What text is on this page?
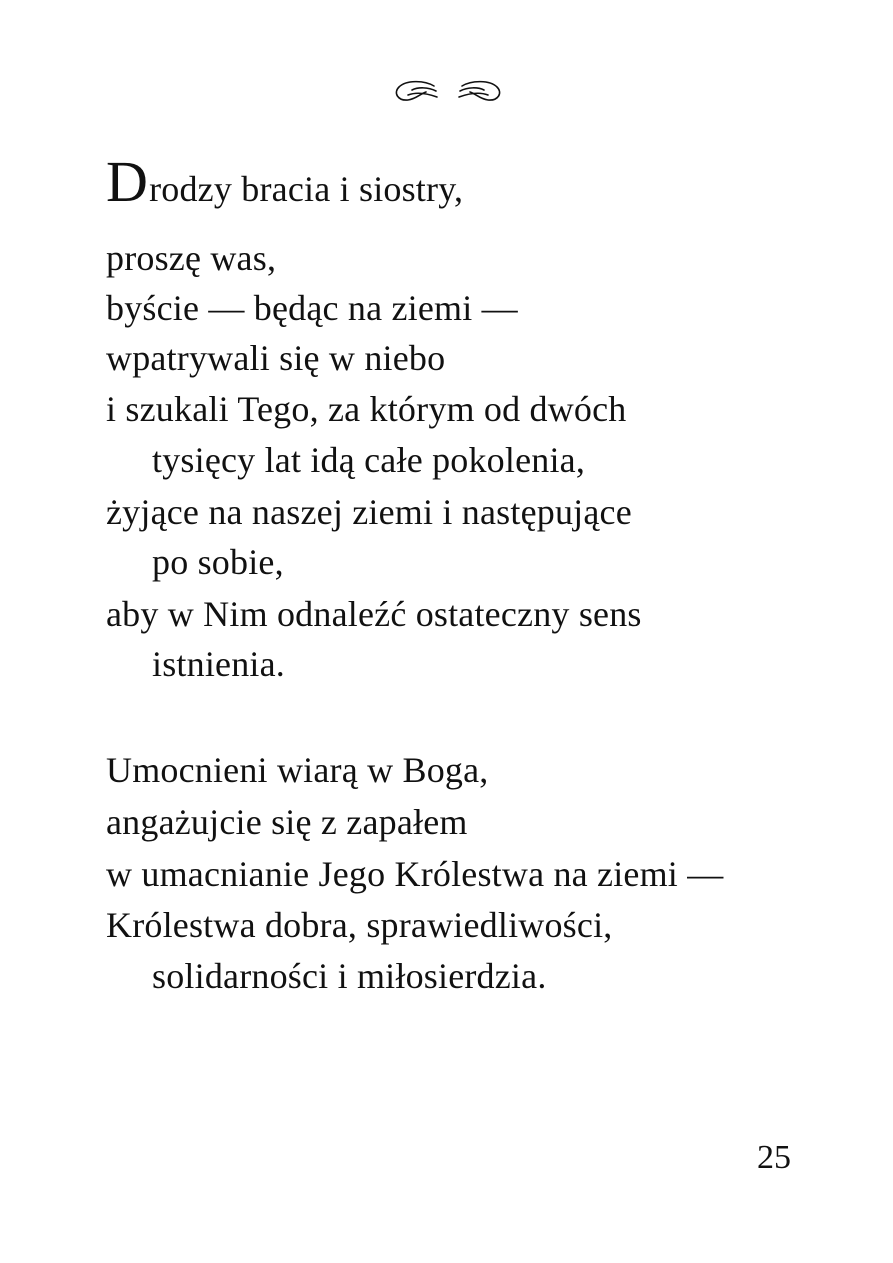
Drodzy bracia i siostry,
proszę was,
byście — będąc na ziemi —
wpatrywali się w niebo
i szukali Tego, za którym od dwóch
tysięcy lat idą całe pokolenia,
żyjące na naszej ziemi i następujące
po sobie,
aby w Nim odnaleźć ostateczny sens
istnienia.
Umocnieni wiarą w Boga,
angażujcie się z zapałem
w umacnianie Jego Królestwa na ziemi —
Królestwa dobra, sprawiedliwości,
solidarności i miłosierdzia.
25
